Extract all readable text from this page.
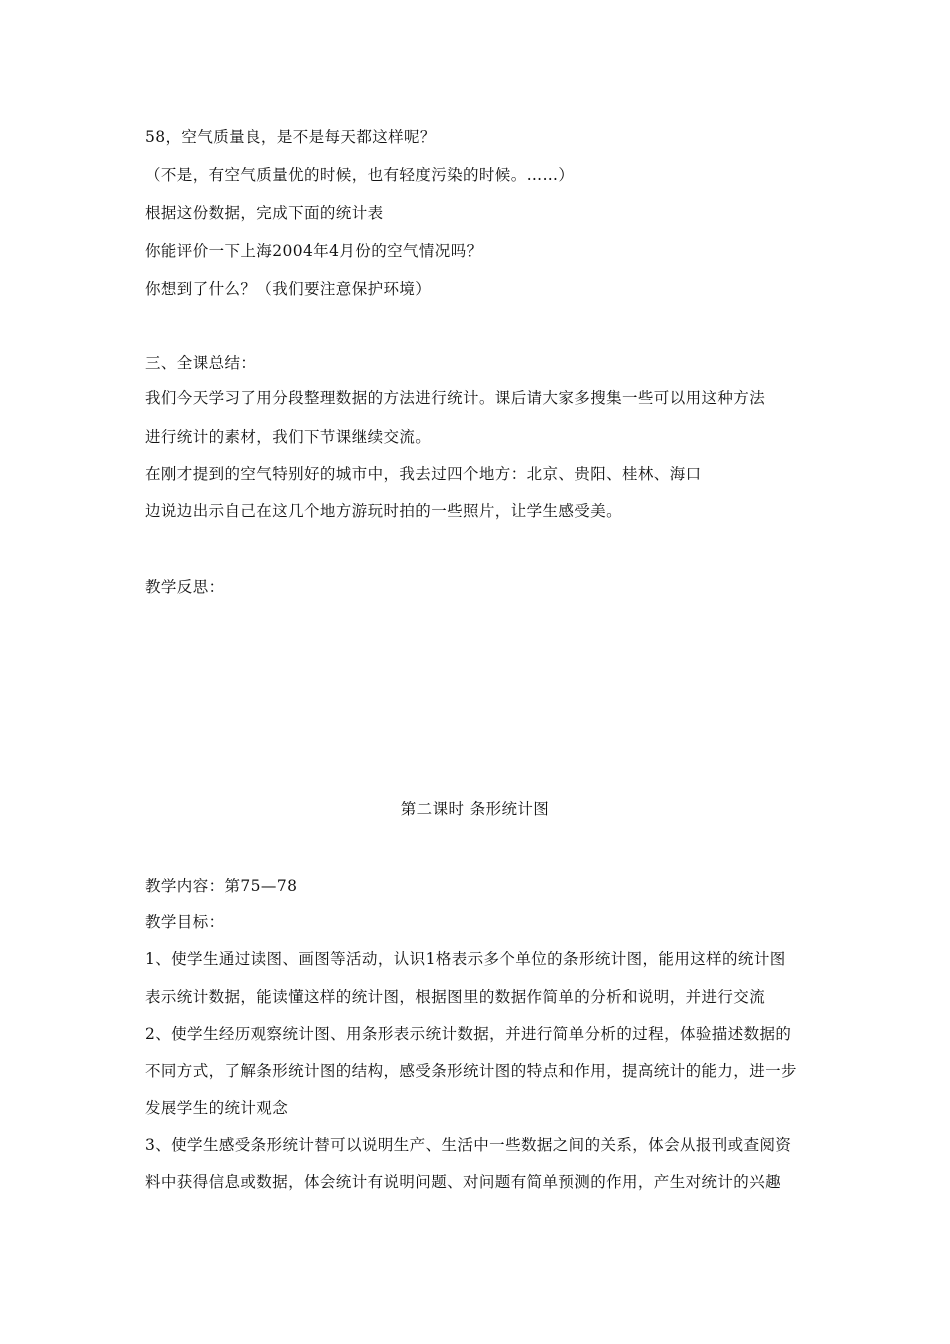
58，空气质量良，是不是每天都这样呢？
（不是，有空气质量优的时候，也有轻度污染的时候。……）
根据这份数据，完成下面的统计表
你能评价一下上海2004年4月份的空气情况吗？
你想到了什么？（我们要注意保护环境）
三、全课总结：
我们今天学习了用分段整理数据的方法进行统计。课后请大家多搜集一些可以用这种方法
进行统计的素材，我们下节课继续交流。
在刚才提到的空气特别好的城市中，我去过四个地方：北京、贵阳、桂林、海口
边说边出示自己在这几个地方游玩时拍的一些照片，让学生感受美。
教学反思：
第二课时 条形统计图
教学内容：第75—78
教学目标：
1、使学生通过读图、画图等活动，认识1格表示多个单位的条形统计图，能用这样的统计图
表示统计数据，能读懂这样的统计图，根据图里的数据作简单的分析和说明，并进行交流
2、使学生经历观察统计图、用条形表示统计数据，并进行简单分析的过程，体验描述数据的
不同方式，了解条形统计图的结构，感受条形统计图的特点和作用，提高统计的能力，进一步
发展学生的统计观念
3、使学生感受条形统计替可以说明生产、生活中一些数据之间的关系，体会从报刊或查阅资
料中获得信息或数据，体会统计有说明问题、对问题有简单预测的作用，产生对统计的兴趣
